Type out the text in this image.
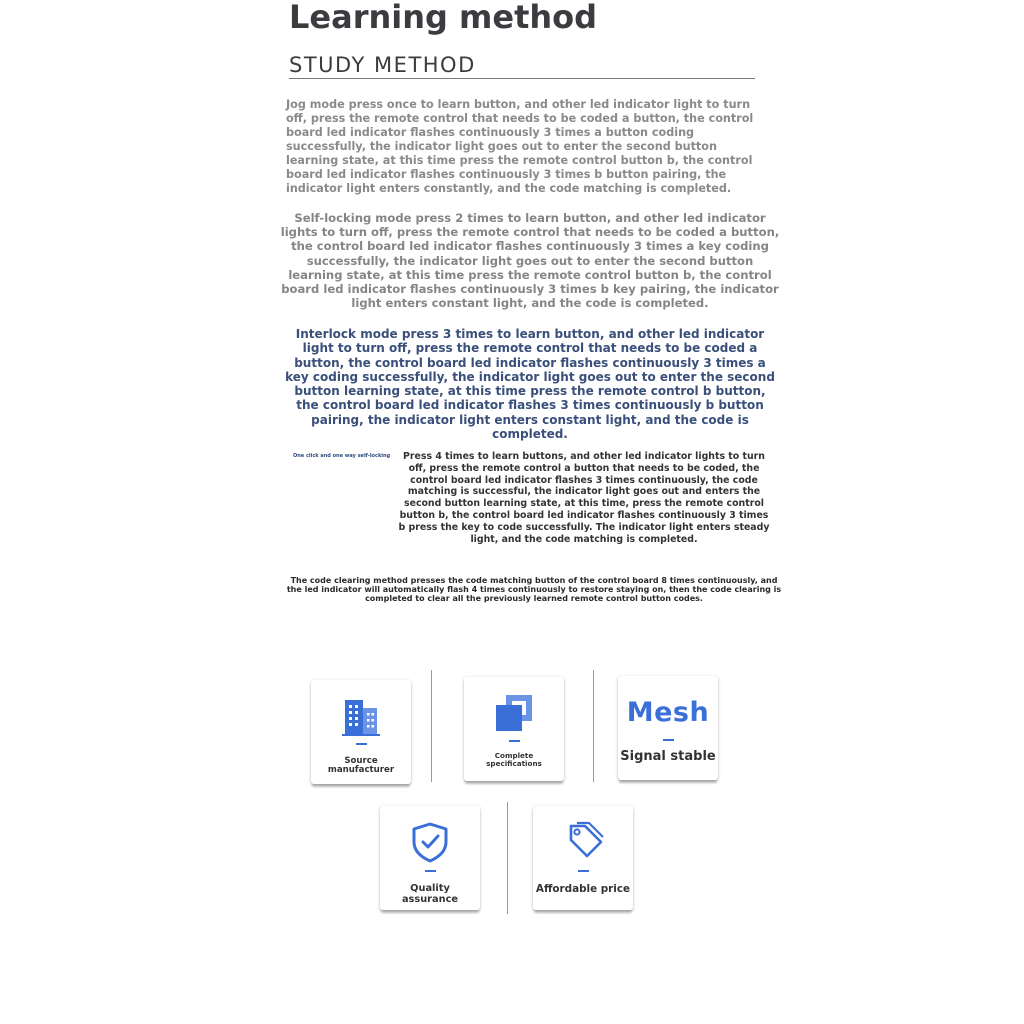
Learning method
STUDY METHOD

Jog mode press once to learn button, and other led indicator light to turn off, press the remote control that needs to be coded a button, the control board led indicator flashes continuously 3 times a button coding successfully, the indicator light goes out to enter the second button learning state, at this time press the remote control button b, the control board led indicator flashes continuously 3 times b button pairing, the indicator light enters constantly, and the code matching is completed.

Self-locking mode press 2 times to learn button, and other led indicator lights to turn off, press the remote control that needs to be coded a button, the control board led indicator flashes continuously 3 times a key coding successfully, the indicator light goes out to enter the second button learning state, at this time press the remote control button b, the control board led indicator flashes continuously 3 times b key pairing, the indicator light enters constant light, and the code is completed.

Interlock mode press 3 times to learn button, and other led indicator light to turn off, press the remote control that needs to be coded a button, the control board led indicator flashes continuously 3 times a key coding successfully, the indicator light goes out to enter the second button learning state, at this time press the remote control b button, the control board led indicator flashes 3 times continuously b button pairing, the indicator light enters constant light, and the code is completed.

One click and one way self-locking	Press 4 times to learn buttons, and other led indicator lights to turn off, press the remote control a button that needs to be coded, the control board led indicator flashes 3 times continuously, the code matching is successful, the indicator light goes out and enters the second button learning state, at this time, press the remote control button b, the control board led indicator flashes continuously 3 times b press the key to code successfully. The indicator light enters steady light, and the code matching is completed.

The code clearing method presses the code matching button of the control board 8 times continuously, and the led indicator will automatically flash 4 times continuously to restore staying on, then the code clearing is completed to clear all the previously learned remote control button codes.

Source manufacturer
Complete specifications
Mesh
Signal stable
Quality assurance
Affordable price
